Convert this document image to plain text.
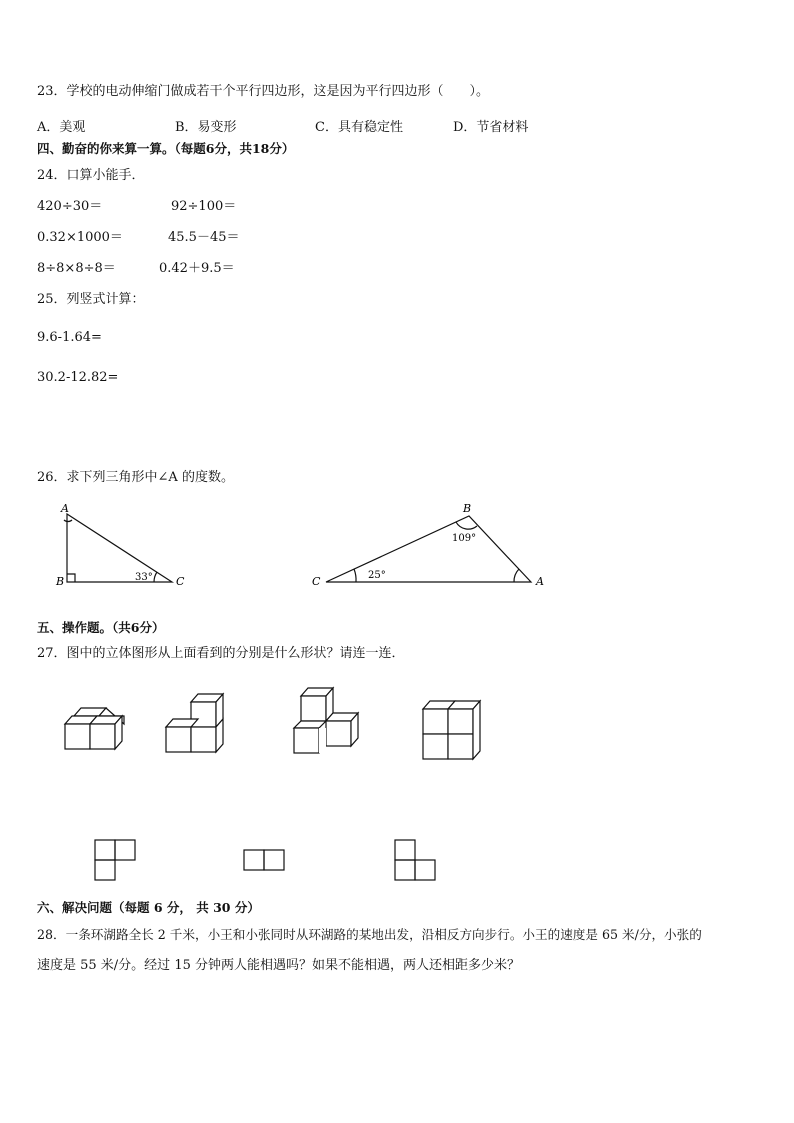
23．学校的电动伸缩门做成若干个平行四边形，这是因为平行四边形（　　）。
A．美观	B．易变形	C．具有稳定性	D．节省材料
四、勤奋的你来算一算。（每题6分，共18分）
24．口算小能手．
420÷30＝	92÷100＝
0.32×1000＝	45.5－45＝
8÷8×8÷8＝	0.42＋9.5＝
25．列竖式计算：
9.6-1.64=
30.2-12.82=
26．求下列三角形中∠A 的度数。
A
B	C
33°
B
C	A
109°
25°
五、操作题。（共6分）
27．图中的立体图形从上面看到的分别是什么形状？请连一连．
六、解决问题（每题 6 分， 共 30 分）
28．一条环湖路全长 2 千米，小王和小张同时从环湖路的某地出发，沿相反方向步行。小王的速度是 65 米/分，小张的
速度是 55 米/分。经过 15 分钟两人能相遇吗？如果不能相遇，两人还相距多少米？
